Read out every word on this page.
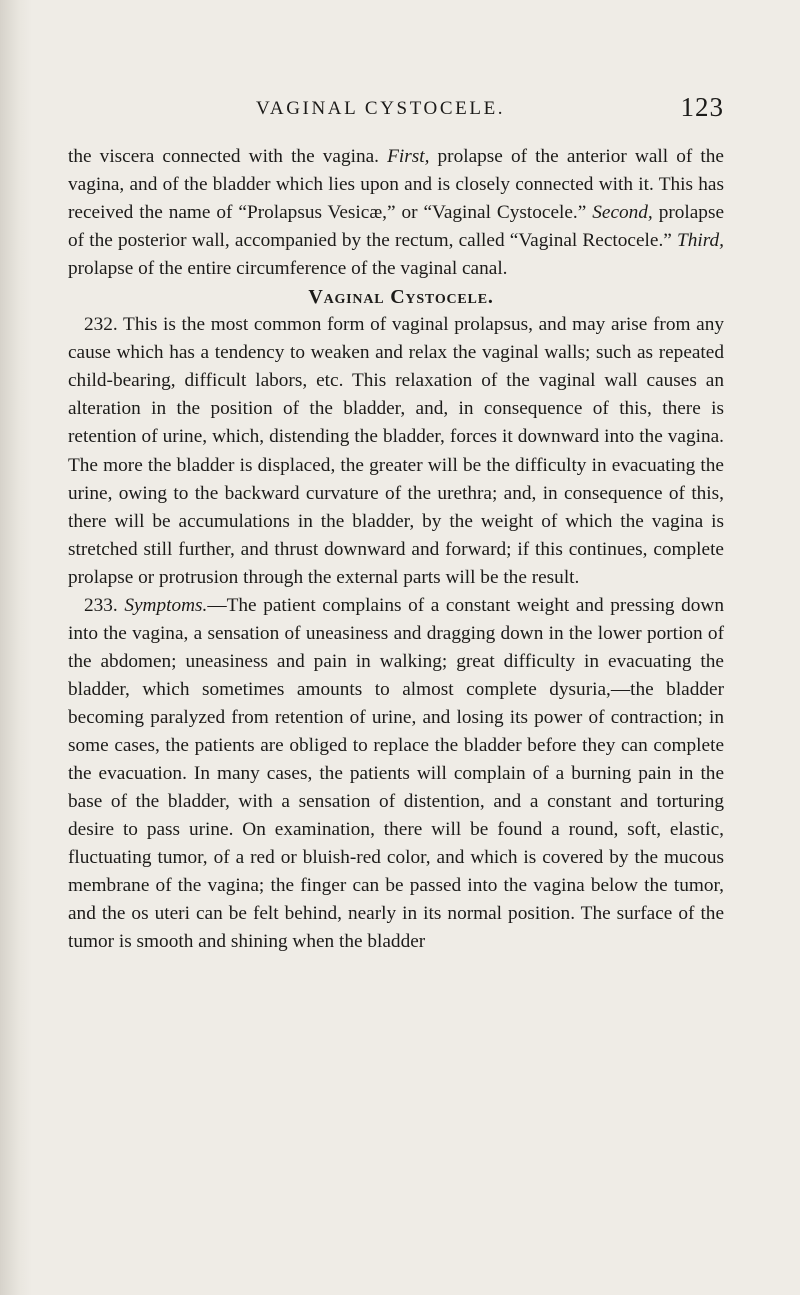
VAGINAL CYSTOCELE.	123

the viscera connected with the vagina. First, prolapse of the anterior wall of the vagina, and of the bladder which lies upon and is closely connected with it. This has received the name of “Prolapsus Vesicæ,” or “Vaginal Cystocele.” Second, prolapse of the posterior wall, accompanied by the rectum, called “Vaginal Rectocele.” Third, prolapse of the entire circumference of the vaginal canal.

Vaginal Cystocele.

232. This is the most common form of vaginal prolapsus, and may arise from any cause which has a tendency to weaken and relax the vaginal walls; such as repeated child-bearing, difficult labors, etc. This relaxation of the vaginal wall causes an alteration in the position of the bladder, and, in consequence of this, there is retention of urine, which, distending the bladder, forces it downward into the vagina. The more the bladder is displaced, the greater will be the difficulty in evacuating the urine, owing to the backward curvature of the urethra; and, in consequence of this, there will be accumulations in the bladder, by the weight of which the vagina is stretched still further, and thrust downward and forward; if this continues, complete prolapse or protrusion through the external parts will be the result.

233. Symptoms.—The patient complains of a constant weight and pressing down into the vagina, a sensation of uneasiness and dragging down in the lower portion of the abdomen; uneasiness and pain in walking; great difficulty in evacuating the bladder, which sometimes amounts to almost complete dysuria,—the bladder becoming paralyzed from retention of urine, and losing its power of contraction; in some cases, the patients are obliged to replace the bladder before they can complete the evacuation. In many cases, the patients will complain of a burning pain in the base of the bladder, with a sensation of distention, and a constant and torturing desire to pass urine. On examination, there will be found a round, soft, elastic, fluctuating tumor, of a red or bluish-red color, and which is covered by the mucous membrane of the vagina; the finger can be passed into the vagina below the tumor, and the os uteri can be felt behind, nearly in its normal position. The surface of the tumor is smooth and shining when the bladder
